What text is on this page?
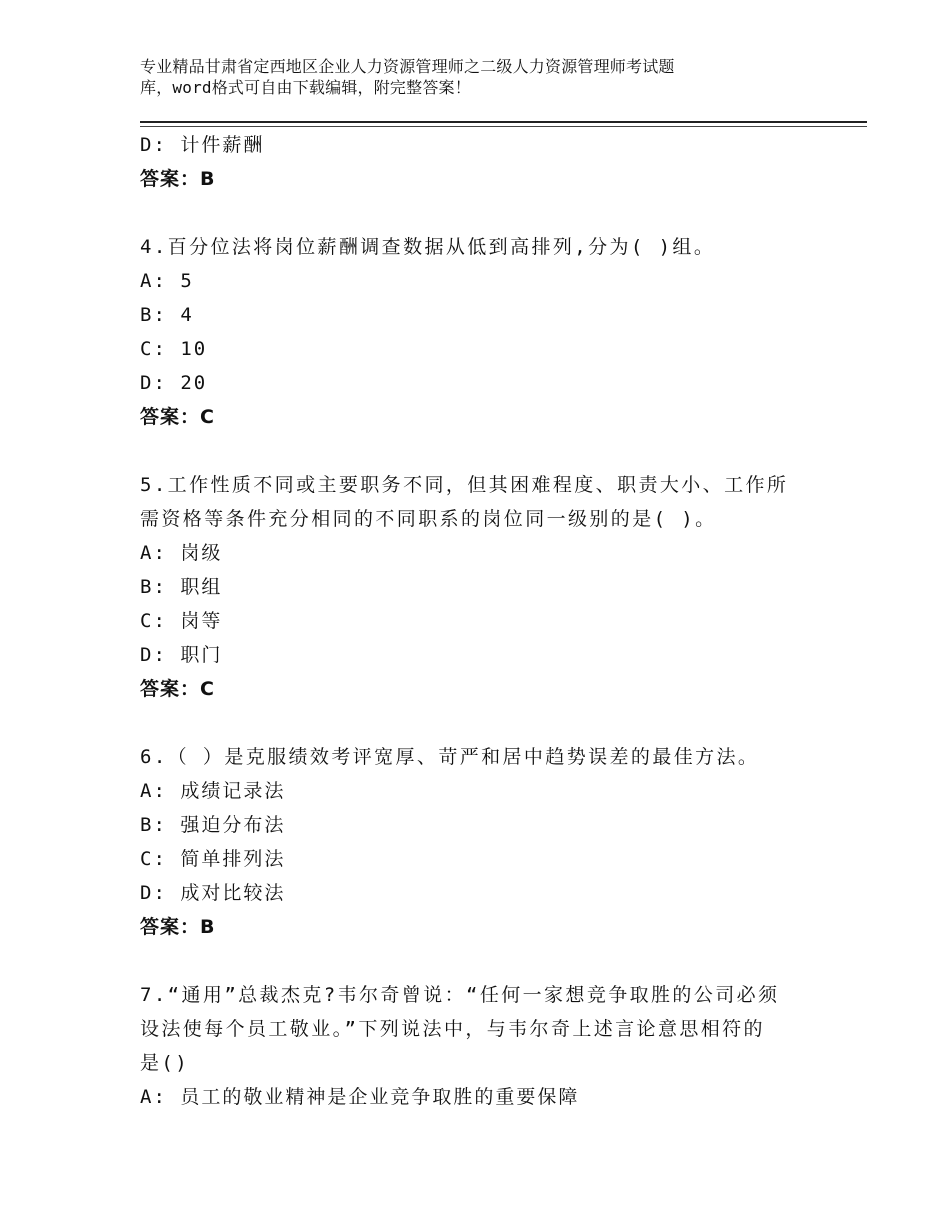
专业精品甘肃省定西地区企业人力资源管理师之二级人力资源管理师考试题
库，word格式可自由下载编辑，附完整答案！
D: 计件薪酬
答案：B
4.百分位法将岗位薪酬调查数据从低到高排列,分为( )组。
A: 5
B: 4
C: 10
D: 20
答案：C
5.工作性质不同或主要职务不同，但其困难程度、职责大小、工作所
需资格等条件充分相同的不同职系的岗位同一级别的是( )。
A: 岗级
B: 职组
C: 岗等
D: 职门
答案：C
6.（ ）是克服绩效考评宽厚、苛严和居中趋势误差的最佳方法。
A: 成绩记录法
B: 强迫分布法
C: 简单排列法
D: 成对比较法
答案：B
7.“通用”总裁杰克?韦尔奇曾说：“任何一家想竞争取胜的公司必须
设法使每个员工敬业。”下列说法中，与韦尔奇上述言论意思相符的
是()
A: 员工的敬业精神是企业竞争取胜的重要保障
